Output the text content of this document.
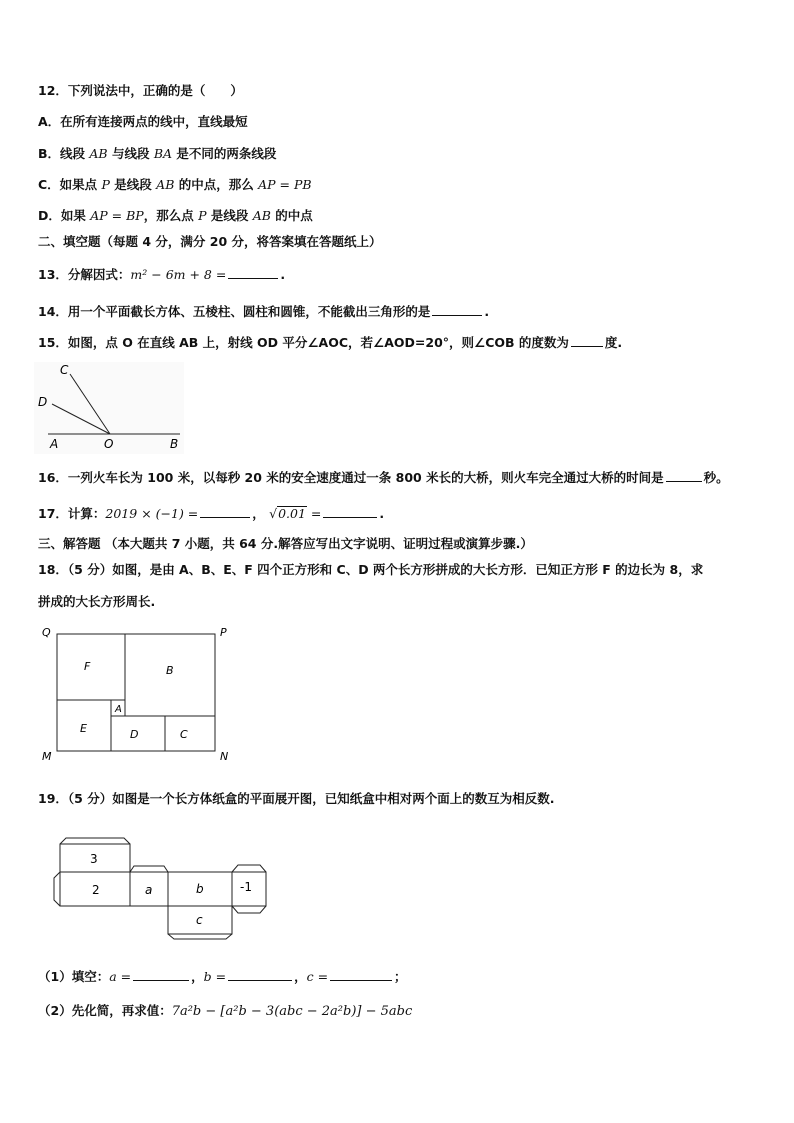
12．下列说法中，正确的是（　　）
A．在所有连接两点的线中，直线最短
B．线段 AB 与线段 BA 是不同的两条线段
C．如果点 P 是线段 AB 的中点，那么 AP = PB
D．如果 AP = BP，那么点 P 是线段 AB 的中点
二、填空题（每题 4 分，满分 20 分，将答案填在答题纸上）
13．分解因式：m² − 6m + 8 =	.
14．用一个平面截长方体、五棱柱、圆柱和圆锥，不能截出三角形的是	.
15．如图，点 O 在直线 AB 上，射线 OD 平分∠AOC，若∠AOD=20°，则∠COB 的度数为	度.
C
D
A	O	B
16．一列火车长为 100 米，以每秒 20 米的安全速度通过一条 800 米长的大桥，则火车完全通过大桥的时间是	秒。
17．计算：2019 × (−1) =	， √0.01 =	.
三、解答题 （本大题共 7 小题，共 64 分.解答应写出文字说明、证明过程或演算步骤.）
18．（5 分）如图，是由 A、B、E、F 四个正方形和 C、D 两个长方形拼成的大长方形．已知正方形 F 的边长为 8，求
拼成的大长方形周长.
Q	P
M	N
F	B
A
E	D	C
19．（5 分）如图是一个长方体纸盒的平面展开图，已知纸盒中相对两个面上的数互为相反数.
3
2	a	b	-1
c
（1）填空：a =	，b =	，c =	；
（2）先化简，再求值：7a²b − [a²b − 3(abc − 2a²b)] − 5abc
